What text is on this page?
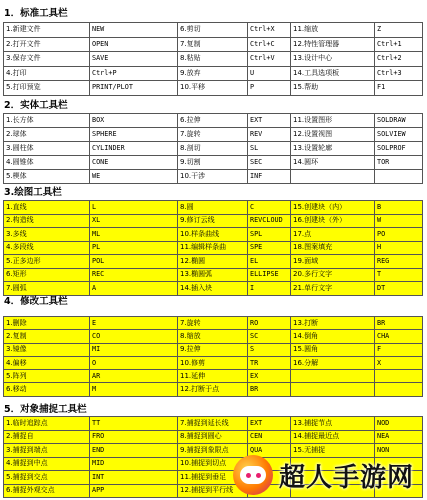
1．标准工具栏
1.新建文件	NEW	6.剪切	Ctrl+X	11.缩放	Z
2.打开文件	OPEN	7.复制	Ctrl+C	12.特性管理器	Ctrl+1
3.保存文件	SAVE	8.粘贴	Ctrl+V	13.设计中心	Ctrl+2
4.打印	Ctrl+P	9.放弃	U	14.工具选项板	Ctrl+3
5.打印预览	PRINT/PLOT	10.平移	P	15.帮助	F1
2．实体工具栏
1.长方体	BOX	6.拉伸	EXT	11.设置图形	SOLDRAW
2.球体	SPHERE	7.旋转	REV	12.设置视图	SOLVIEW
3.圆柱体	CYLINDER	8.剖切	SL	13.设置轮廓	SOLPROF
4.圆锥体	CONE	9.切割	SEC	14.圆环	TOR
5.楔体	WE	10.干涉	INF		
3.绘图工具栏
1.直线	L	8.圆	C	15.创建块（内）	B
2.构造线	XL	9.修订云线	REVCLOUD	16.创建块（外）	W
3.多线	ML	10.样条曲线	SPL	17.点	PO
4.多段线	PL	11.编辑样条曲	SPE	18.图案填充	H
5.正多边形	POL	12.椭圆	EL	19.面域	REG
6.矩形	REC	13.椭圆弧	ELLIPSE	20.多行文字	T
7.圆弧	A	14.插入块	I	21.单行文字	DT
4．修改工具栏
1.删除	E	7.旋转	RO	13.打断	BR
2.复制	CO	8.缩放	SC	14.倒角	CHA
3.镜像	MI	9.拉伸	S	15.圆角	F
4.偏移	O	10.修剪	TR	16.分解	X
5.阵列	AR	11.延伸	EX		
6.移动	M	12.打断于点	BR		
5．对象捕捉工具栏
1.临时追踪点	TT	7.捕捉到延长线	EXT	13.捕捉节点	NOD
2.捕捉自	FRO	8.捕捉到圆心	CEN	14.捕捉最近点	NEA
3.捕捉到端点	END	9.捕捉到象限点	QUA	15.无捕捉	NON
4.捕捉到中点	MID	10.捕捉到切点			
5.捕捉到交点	INT	11.捕捉到垂足			
6.捕捉外观交点	APP	12.捕捉到平行线			超人手游网
